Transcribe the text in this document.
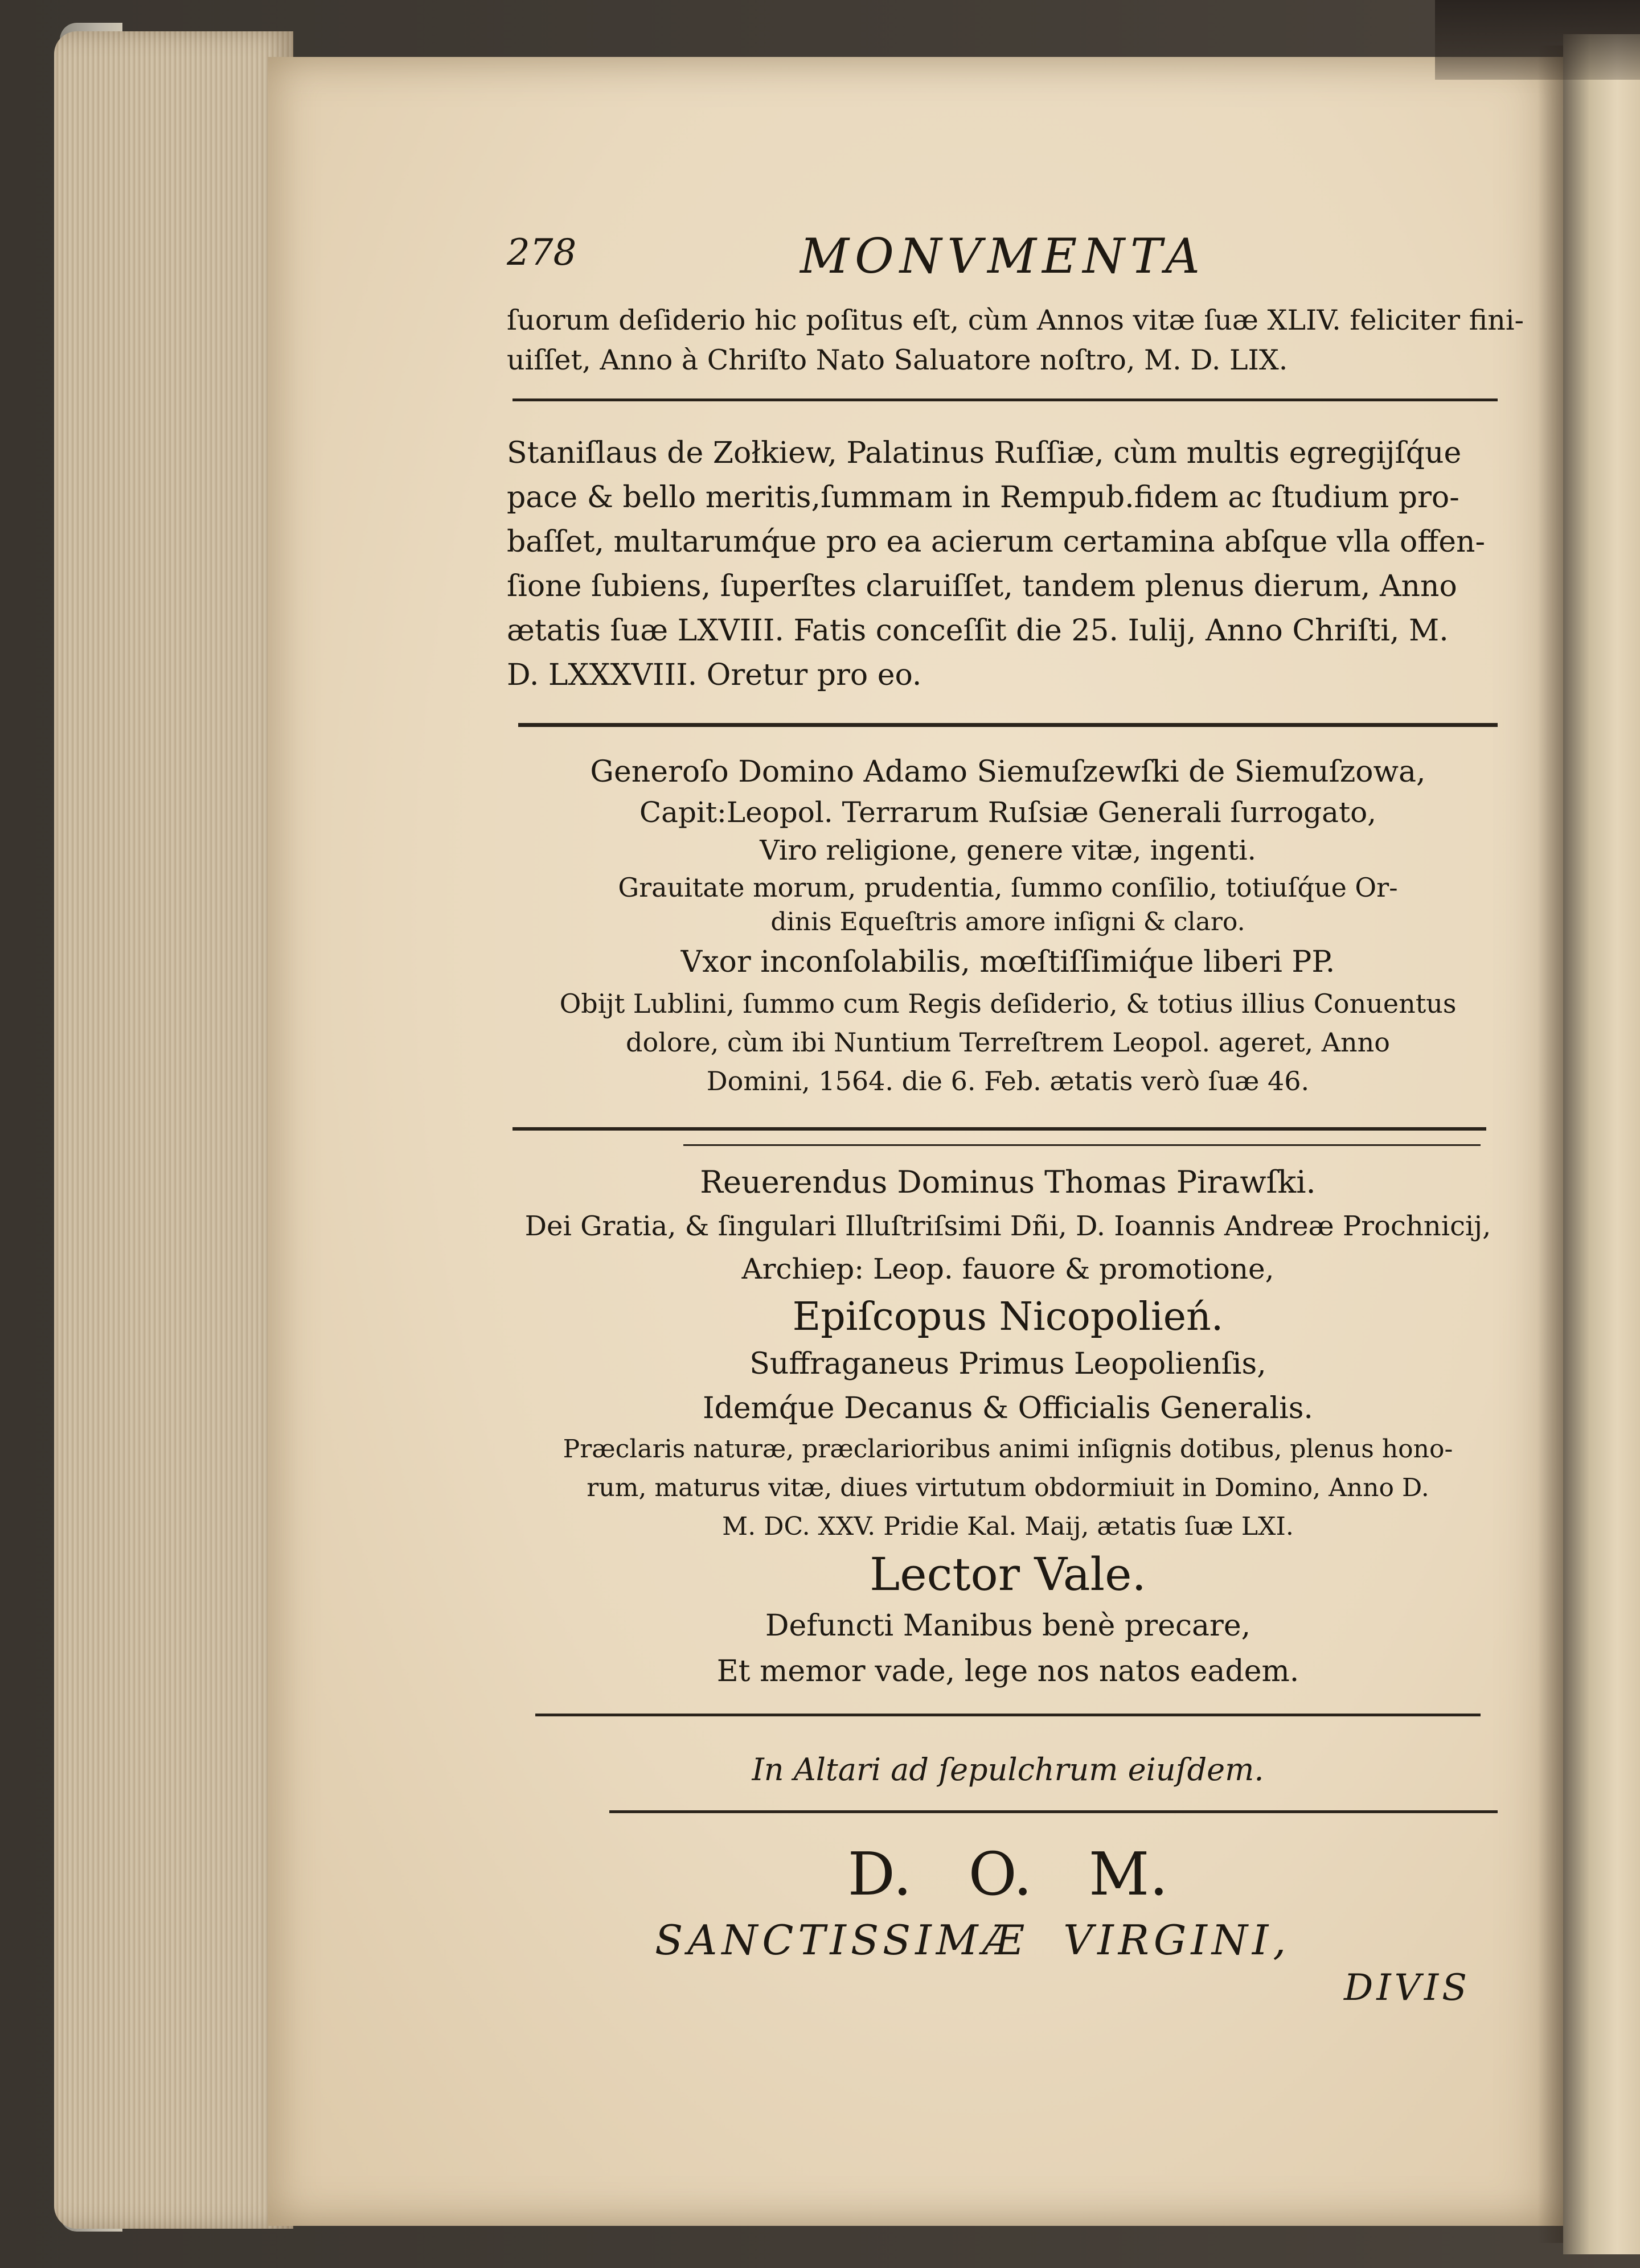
278	MONVMENTA
ſuorum deſiderio hic poſitus eſt, cùm Annos vitæ ſuæ XLIV. feliciter fini-
uiſſet, Anno à Chriſto Nato Saluatore noſtro, M. D. LIX.
Staniſlaus de Zołkiew, Palatinus Ruſſiæ, cùm multis egregijſq́ue
pace & bello meritis,ſummam in Rempub.fidem ac ſtudium pro-
baſſet, multarumq́ue pro ea acierum certamina abſque vlla offen-
ſione ſubiens, ſuperſtes claruiſſet, tandem plenus dierum, Anno
ætatis ſuæ LXVIII. Fatis conceſſit die 25. Iulij, Anno Chriſti, M.
D. LXXXVIII. Oretur pro eo.
Generoſo Domino Adamo Siemuſzewſki de Siemuſzowa,
Capit:Leopol. Terrarum Ruſsiæ Generali ſurrogato,
Viro religione, genere vitæ, ingenti.
Grauitate morum, prudentia, ſummo conſilio, totiuſq́ue Or-
dinis Equeſtris amore inſigni & claro.
Vxor inconſolabilis, mœſtiſſimiq́ue liberi PP.
Obijt Lublini, ſummo cum Regis deſiderio, & totius illius Conuentus
dolore, cùm ibi Nuntium Terreſtrem Leopol. ageret, Anno
Domini, 1564. die 6. Feb. ætatis verò ſuæ 46.
Reuerendus Dominus Thomas Pirawſki.
Dei Gratia, & ſingulari Illuſtriſsimi Dñi, D. Ioannis Andreæ Prochnicij,
Archiep: Leop. fauore & promotione,
Epiſcopus Nicopolień.
Suffraganeus Primus Leopolienſis,
Idemq́ue Decanus & Officialis Generalis.
Præclaris naturæ, præclarioribus animi inſignis dotibus, plenus hono-
rum, maturus vitæ, diues virtutum obdormiuit in Domino, Anno D.
M. DC. XXV. Pridie Kal. Maij, ætatis ſuæ LXI.
Lector Vale.
Defuncti Manibus benè precare,
Et memor vade, lege nos natos eadem.
In Altari ad ſepulchrum eiuſdem.
D.   O.   M.
SANCTISSIMÆ  VIRGINI,
DIVIS
